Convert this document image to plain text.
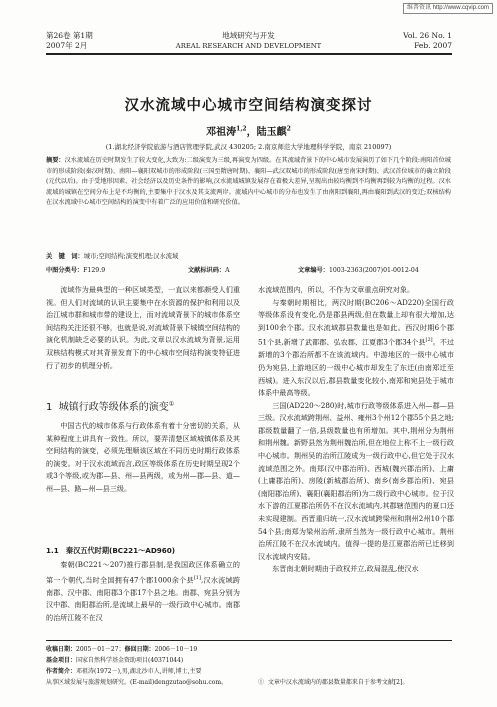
维普资讯 http://www.cqvip.com
第26卷 第1期
2007年 2月
地域研究与开发
AREAL RESEARCH AND DEVELOPMENT
Vol. 26 No. 1
Feb. 2007
汉水流域中心城市空间结构演变探讨
邓祖涛$^{1,2}$，陆玉麒$^2$
(1.湖北经济学院旅游与酒店管理学院,武汉 430205; 2.南京师范大学地理科学学院，南京 210097)
摘要：汉水流域在历史时期发生了较大变化,大致为:二级演变为三级,再演变为四级。在其流域背景下的中心城市发展演历了如下几个阶段:南阳首位城市的形成阶段(秦汉时期)、南阳—襄阳双城市的形成阶段(三国至隋唐时期)、襄阳—武汉双城市的形成阶段(唐至南宋时期)、武汉首位城市的确立阶段(元代以后)。由于受地形因素、社会经济以及历史条件的影响,汉水流域城镇发展存在着极大差异,呈现出由较均衡到不均衡再到较为均衡的过程。汉水流域的城镇在空间分布上是不均衡的,主要集中于汉水及其支流两岸。流域内中心城市的分布也发生了由南阳到襄阳,再由襄阳到武汉的变迁;双核结构在汉水流域中心城市空间结构的演变中有着广泛的应用价值和研究价值。
关　键　词：城市;空间结构;演变机理;汉水流域
中图分类号：F129.9	文献标识码：A	文章编号：1003-2363(2007)01-0012-04

流域作为最典型的一种区域类型，一直以来都颇受人们重视。但人们对流域的认识主要集中在水资源的保护和利用以及治江城市群和城市带的建设上，而对流域背景下的城市体系空间结构关注还很不够，也就是说,对流域背景下城镇空间结构的演化机制缺乏必要的认识。为此,文章以汉水流域为背景,运用双核结构模式对其背景发育下的中心城市空间结构演变特征进行了初步的机理分析。

1 城镇行政等级体系的演变①

中国古代的城市体系与行政体系有着十分密切的关系，从某种程度上讲具有一致性。所以，要弄清楚区域城镇体系及其空间结构的演变，必须先理顺该区域在不同历史时期行政体系的演变。对于汉水流域而言,政区等级体系在历史时期呈现2个或3个等级,或为郡—县、州—县两级，或为州—郡—县、道—州—县、路—州—县三级。

1.1　秦汉五代时期(BC221～AD960)

秦朝(BC221～207)推行郡县制,是我国政区体系确立的第一个朝代,当时全国拥有47个郡1000余个县[1],汉水流域跨南郡、汉中郡、南阳郡3个郡17个县之地。南郡、宛县分别为汉中郡、南阳郡治所,是流域上最早的一级行政中心城市。南郡的治所江陵不在汉

水流域范围内，所以，不作为文章重点研究对象。

与秦朝时期相比，两汉时期(BC206～AD220)全国行政等级体系没有变化,仍是郡县两级,但在数量上却有很大增加,达到100余个郡。汉水流域郡县数量也是如此。西汉时期6个郡51个县,新增了武都郡、弘农郡、江夏郡3个郡34个县[2]。不过新增的3个郡治所都不在该流域内。中游地区的一级中心城市仍为宛县,上游地区的一级中心城市却发生了东迁(由南郑迁至西城)。进入东汉以后,郡县数量变化较小,南郑和宛县处于城市体系中最高等级。

三国(AD220～280)时,城市行政等级体系进入州—郡—县三级。汉水流域跨荆州、益州、雍州3个州12个郡55个县之地;郡级数量翻了一倍,县级数量也有所增加。其中,荆州分为荆州和荆州魏。新野县然为荆州魏治所,但在地位上称不上一级行政中心城市。荆州吴的治所江陵成为一级行政中心,但它处于汉水流域范围之外。南郑(汉中郡治所)、西城(魏兴郡治所)、上庸(上庸郡治所)、房陵(新城郡治所)、南乡(南乡郡治所)、宛县(南阳郡治所)、襄阳(襄阳郡治所)为二级行政中心城市。位于汉水下游的江夏郡治所仍不在汉水流域内,其郡辖范围内的夏口还未实现建制。西晋重归统一,汉水流域跨梁州和荆州2州10个郡54个县;南郑为梁州治所,隶所当然为一级行政中心城市。荆州治所江陵不在汉水流域内。值得一提的是江夏郡治所已迁移到汉水流域内安陆。

东晋南北朝时期由于政权并立,政局混乱,使汉水

收稿日期：2005－01－27；修回日期：2006－10－19
基金项目：国家自然科学基金资助项目(40371044)
作者简介：邓祖涛(1972－),男,湖北沙市人,讲师,博士,主要
从事区域发展与旅游规划研究。(E-mail)dengzutao@sohu.com。	① 文章中汉水流域内的郡县数量都来自于参考文献[2]。
